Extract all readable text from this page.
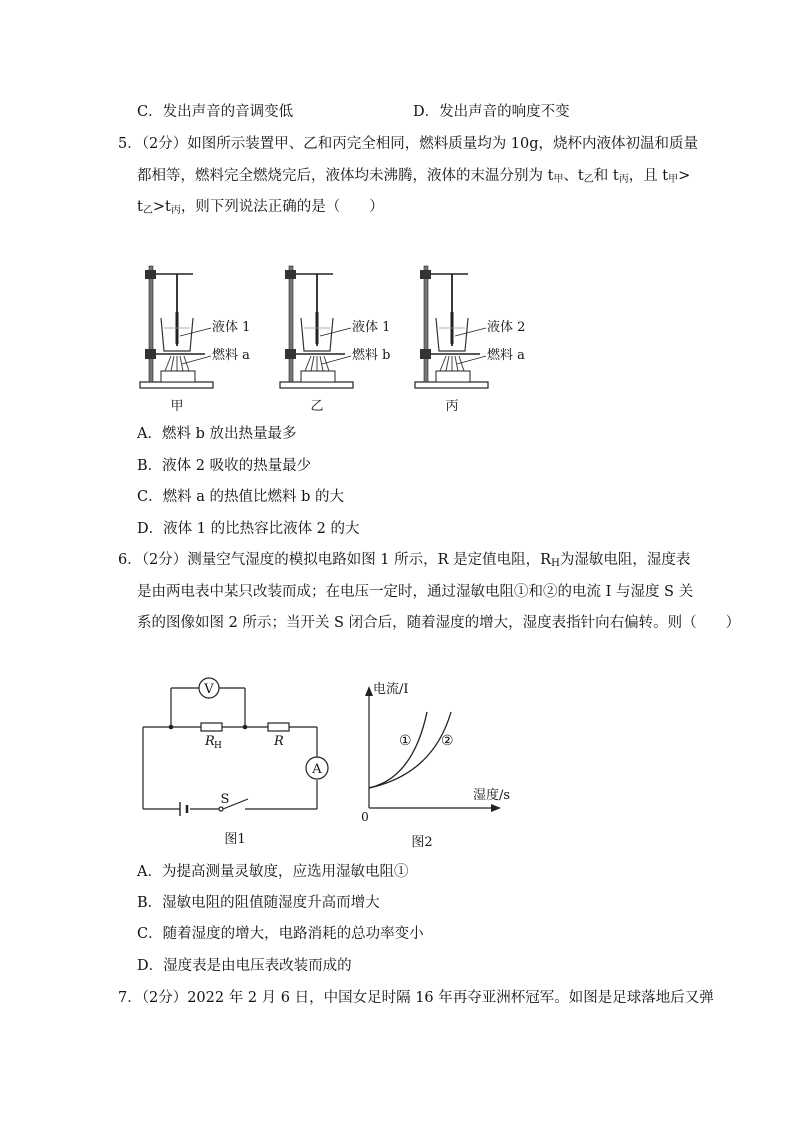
C．发出声音的音调变低	D．发出声音的响度不变
5．（2分）如图所示装置甲、乙和丙完全相同，燃料质量均为 10g，烧杯内液体初温和质量
都相等，燃料完全燃烧完后，液体均未沸腾，液体的末温分别为 $t_甲$、$t_乙$和 $t_丙$，且 $t_甲>$
$t_乙>t_丙$，则下列说法正确的是（　　）
液体 1
燃料 a
甲
液体 1
燃料 b
乙
液体 2
燃料 a
丙
A．燃料 b 放出热量最多
B．液体 2 吸收的热量最少
C．燃料 a 的热值比燃料 b 的大
D．液体 1 的比热容比液体 2 的大
6．（2分）测量空气湿度的模拟电路如图 1 所示，R 是定值电阻，$R_H$为湿敏电阻，湿度表
是由两电表中某只改装而成；在电压一定时，通过湿敏电阻①和②的电流 I 与湿度 S 关
系的图像如图 2 所示；当开关 S 闭合后，随着湿度的增大，湿度表指针向右偏转。则（　　）
V
A
R H	R
S
图1
电流/I
湿度/s
0
① ②
图2
A．为提高测量灵敏度，应选用湿敏电阻①
B．湿敏电阻的阻值随湿度升高而增大
C．随着湿度的增大，电路消耗的总功率变小
D．湿度表是由电压表改装而成的
7．（2分）2022 年 2 月 6 日，中国女足时隔 16 年再夺亚洲杯冠军。如图是足球落地后又弹
